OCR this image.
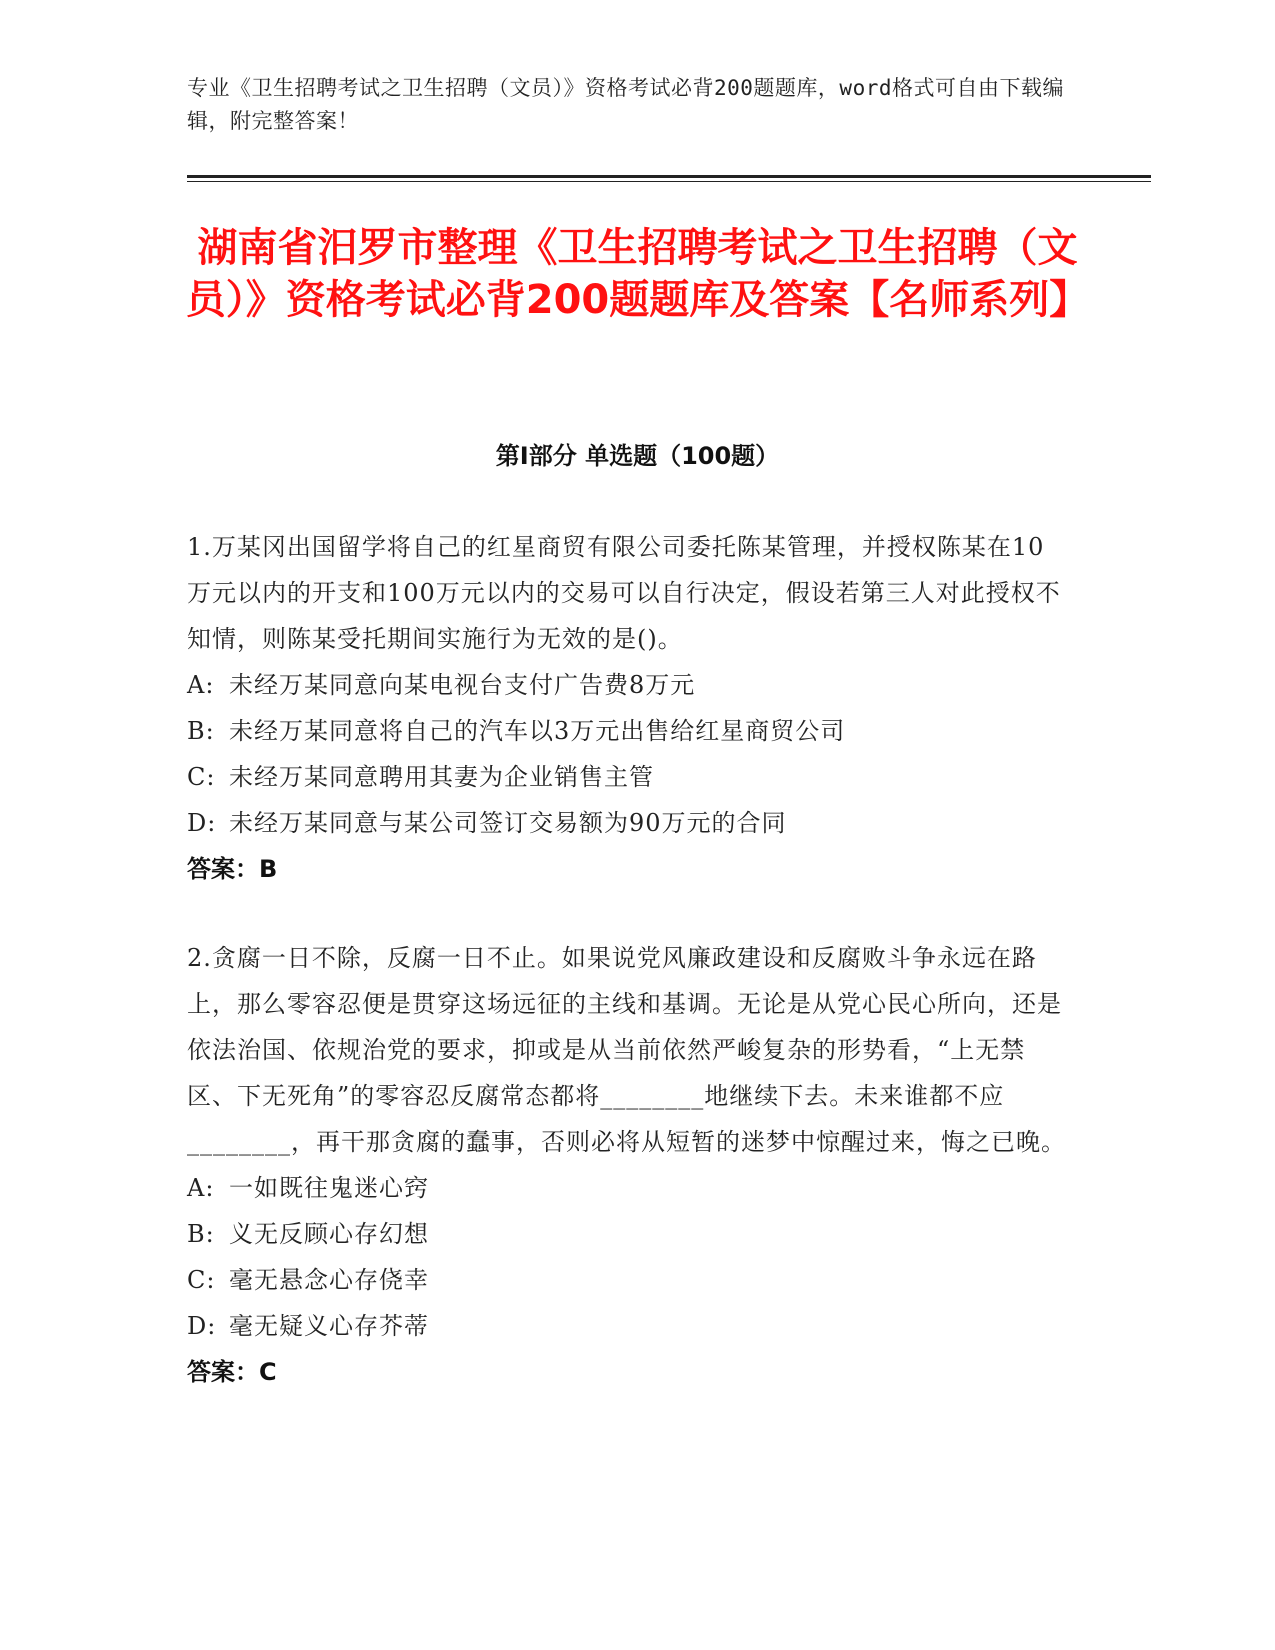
专业《卫生招聘考试之卫生招聘（文员）》资格考试必背200题题库，word格式可自由下载编辑，附完整答案！
湖南省汨罗市整理《卫生招聘考试之卫生招聘（文员）》资格考试必背200题题库及答案【名师系列】
第Ⅰ部分 单选题（100题）
1.万某冈出国留学将自己的红星商贸有限公司委托陈某管理，并授权陈某在10万元以内的开支和100万元以内的交易可以自行决定，假设若第三人对此授权不知情，则陈某受托期间实施行为无效的是()。
A: 未经万某同意向某电视台支付广告费8万元
B: 未经万某同意将自己的汽车以3万元出售给红星商贸公司
C: 未经万某同意聘用其妻为企业销售主管
D: 未经万某同意与某公司签订交易额为90万元的合同
答案：B
2.贪腐一日不除，反腐一日不止。如果说党风廉政建设和反腐败斗争永远在路上，那么零容忍便是贯穿这场远征的主线和基调。无论是从党心民心所向，还是依法治国、依规治党的要求，抑或是从当前依然严峻复杂的形势看，“上无禁区、下无死角”的零容忍反腐常态都将________地继续下去。未来谁都不应________，再干那贪腐的蠢事，否则必将从短暂的迷梦中惊醒过来，悔之已晚。
A: 一如既往鬼迷心窍
B: 义无反顾心存幻想
C: 毫无悬念心存侥幸
D: 毫无疑义心存芥蒂
答案：C
